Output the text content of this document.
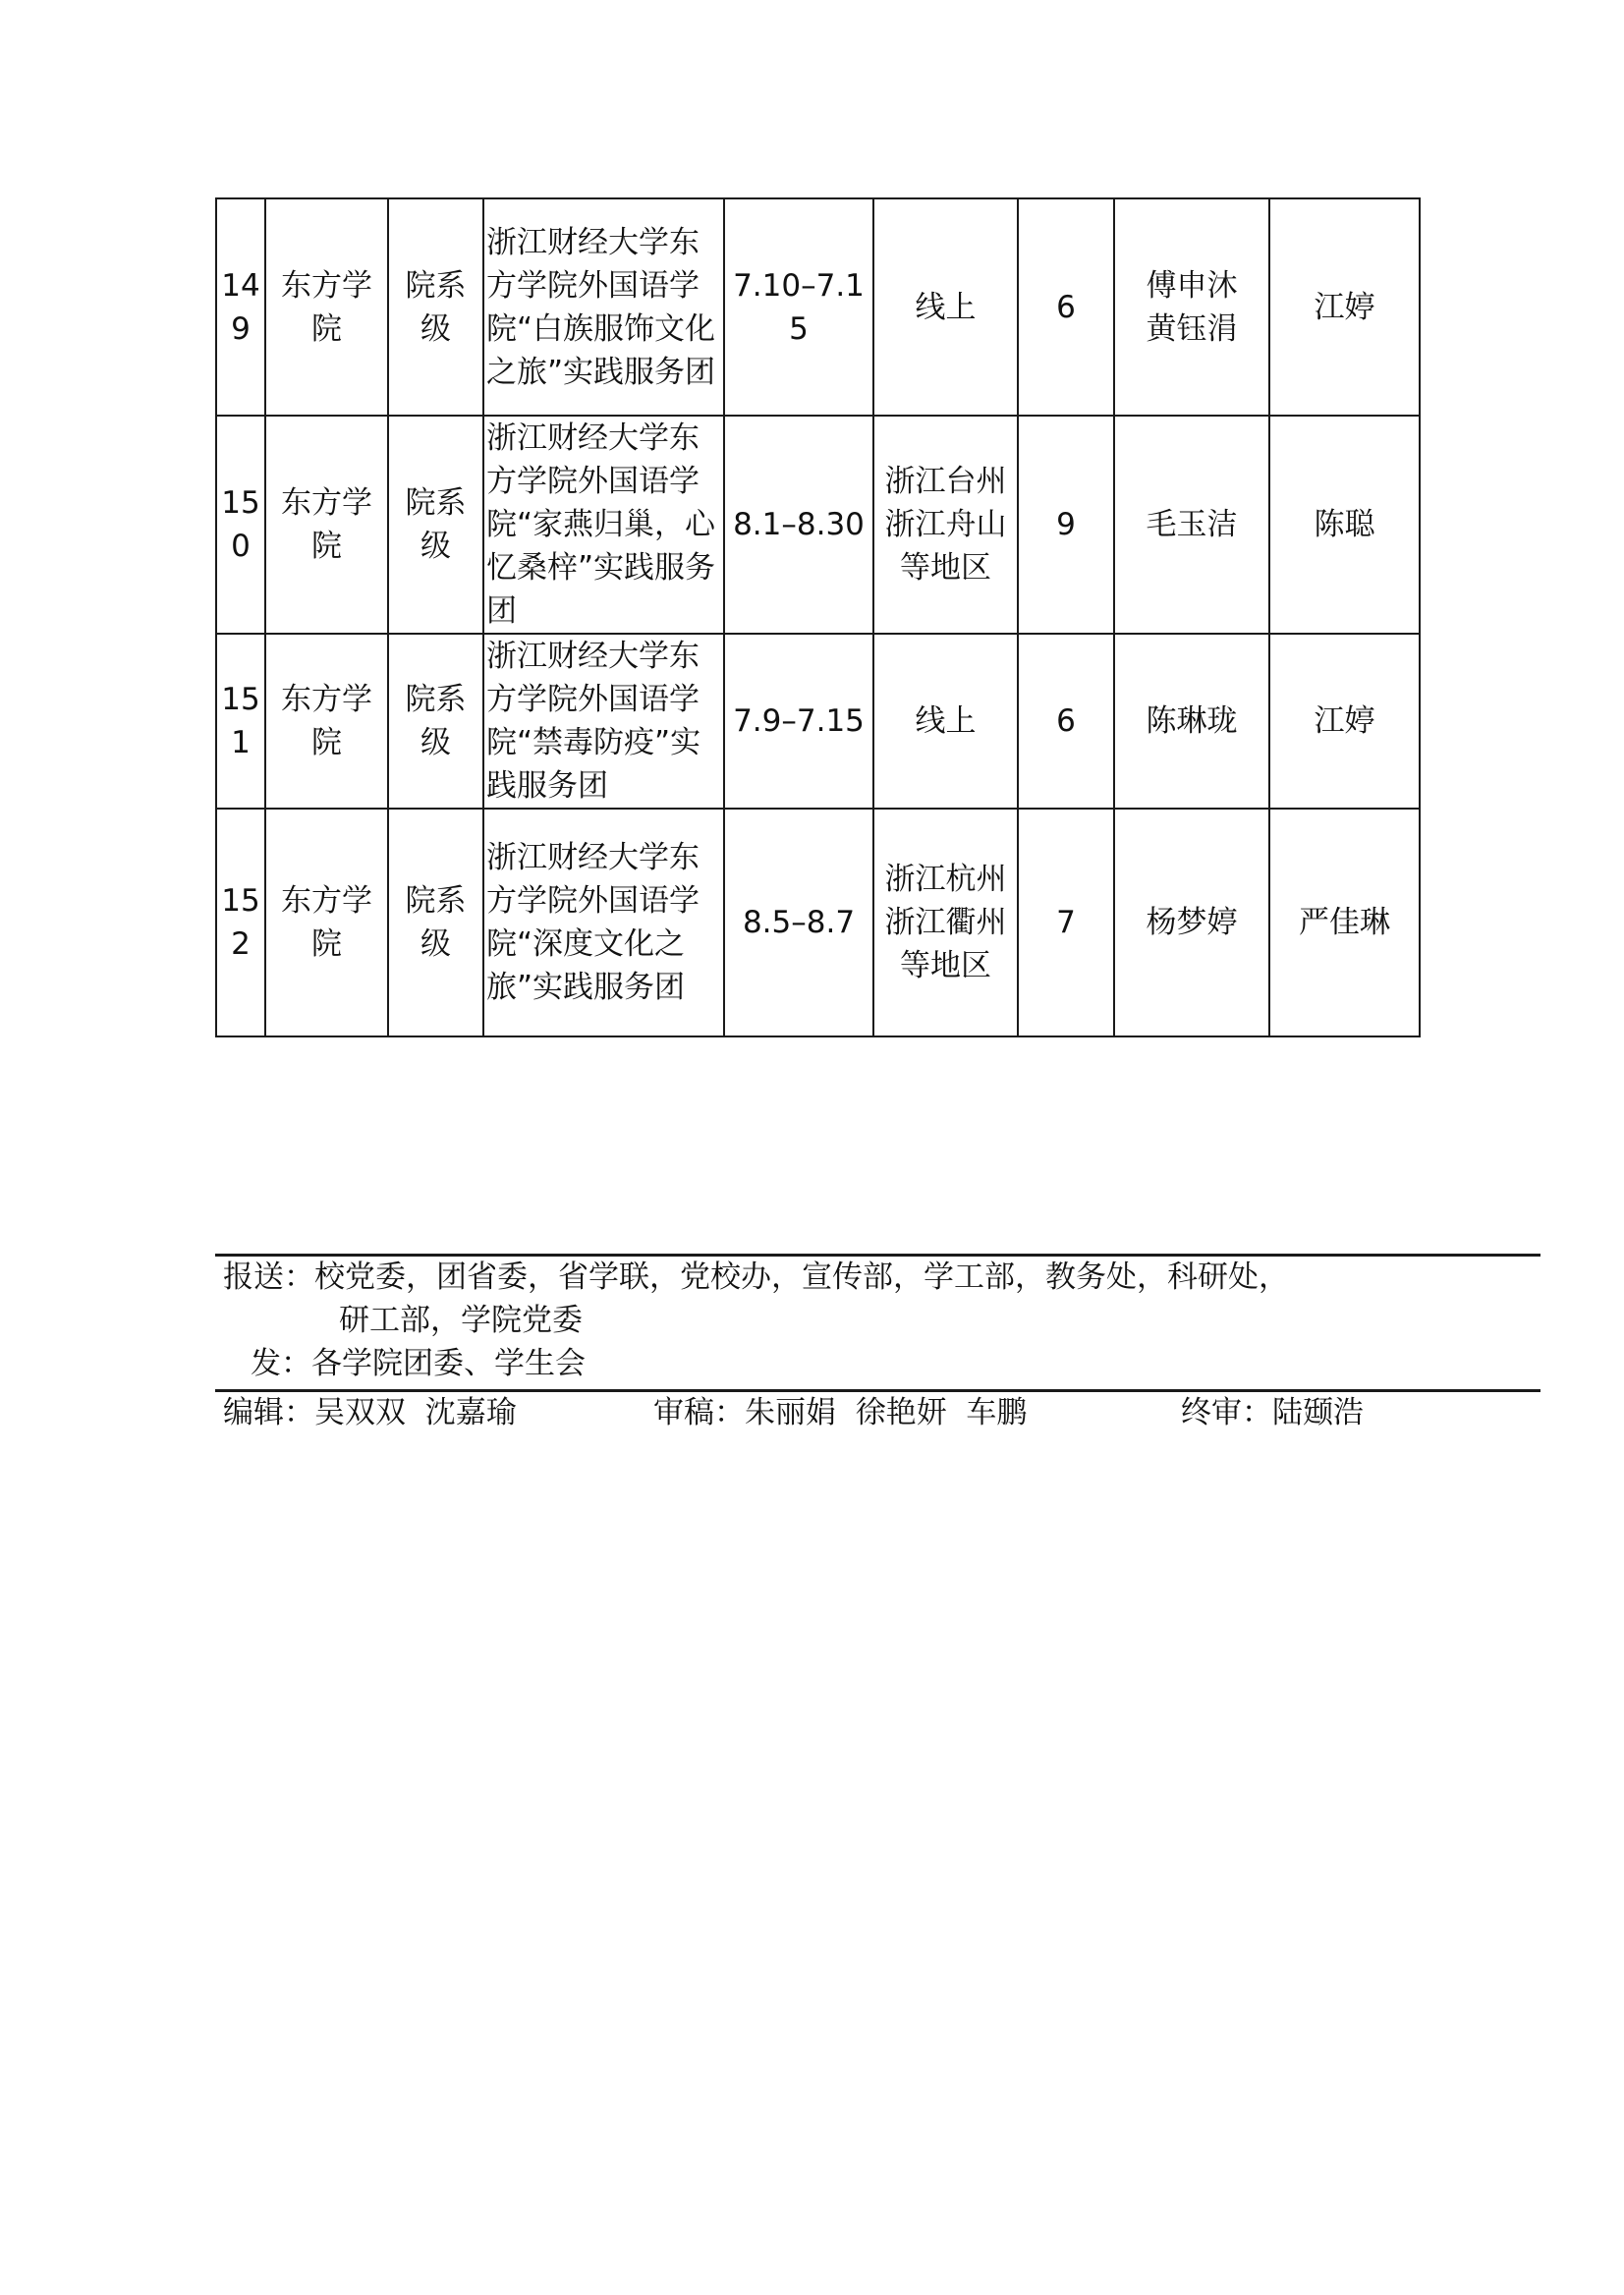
149	东方学院	院系级	浙江财经大学东方学院外国语学院“白族服饰文化之旅”实践服务团	7.10–7.15	线上	6	傅申沐
黄钰涓	江婷
150	东方学院	院系级	浙江财经大学东方学院外国语学院“家燕归巢，心忆桑梓”实践服务团	8.1–8.30	浙江台州
浙江舟山
等地区	9	毛玉洁	陈聪
151	东方学院	院系级	浙江财经大学东方学院外国语学院“禁毒防疫”实践服务团	7.9–7.15	线上	6	陈琳珑	江婷
152	东方学院	院系级	浙江财经大学东方学院外国语学院“深度文化之旅”实践服务团	8.5–8.7	浙江杭州
浙江衢州
等地区	7	杨梦婷	严佳琳
报送：校党委，团省委，省学联，党校办，宣传部，学工部，教务处，科研处，
研工部，学院党委
发：各学院团委、学生会
编辑：吴双双  沈嘉瑜	审稿：朱丽娟  徐艳妍  车鹏	终审：陆颋浩
